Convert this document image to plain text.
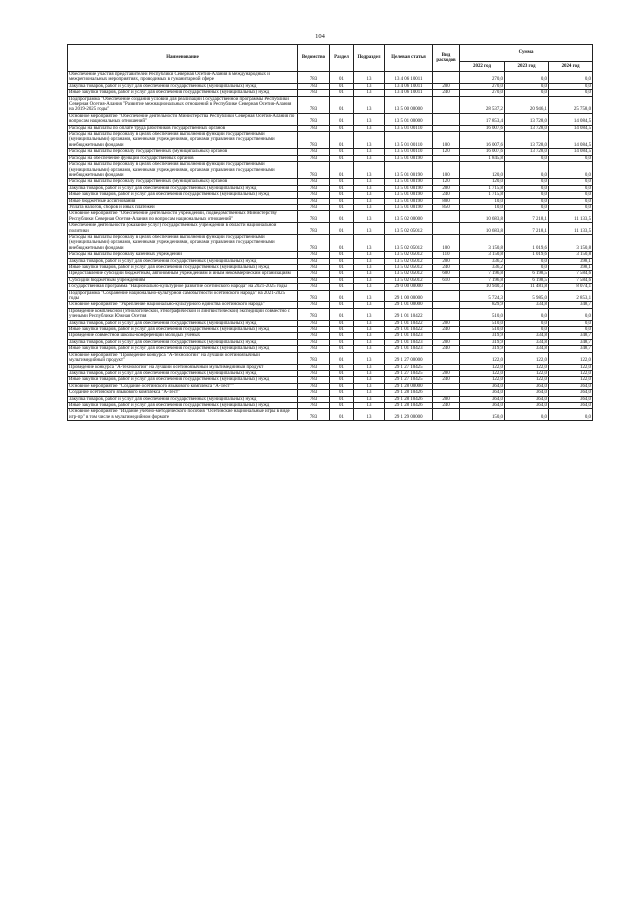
104
Наименование	Ведомство	Раздел	Подраздел	Целевая статья	Вид расходов	Сумма		
						2022 год	2023 год	2024 год
Обеспечение участия представителей Республики Северная Осетия-Алания в международных и межрегиональных мероприятиях, проводимых в гуманитарной сфере	783	01	13	13 4 06 10011		270,0	0,0	0,0
Закупка товаров, работ и услуг для обеспечения государственных (муниципальных) нужд	783	01	13	13 4 06 10011	200	270,0	0,0	0,0
Иные закупки товаров, работ и услуг для обеспечения государственных (муниципальных) нужд	783	01	13	13 4 06 10011	240	270,0	0,0	0,0
Подпрограмма "Обеспечение создания условий для реализации Государственной программы Республики Северная Осетия-Алания "Развитие межнациональных отношений в Республике Северная Осетия-Алания на 2019-2025 годы"	783	01	13	13 5 00 00000		28 537,2	20 946,1	25 758,0
Основное мероприятие "Обеспечение деятельности Министерства Республики Северная Осетия-Алания по вопросам национальных отношений"	783	01	13	13 5 01 00000		17 853,4	13 728,0	14 084,5
Расходы на выплаты по оплате труда работников государственных органов	783	01	13	13 5 01 00110		16 007,6	13 728,0	14 084,5
Расходы на выплаты персоналу в целях обеспечения выполнения функций государственными (муниципальными) органами, казенными учреждениями, органами управления государственными внебюджетными фондами	783	01	13	13 5 01 00110	100	16 007,6	13 728,0	14 084,5
Расходы на выплаты персоналу государственных (муниципальных) органов	783	01	13	13 5 01 00110	120	16 007,6	13 728,0	14 084,5
Расходы на обеспечение функций государственных органов	783	01	13	13 5 01 00190		1 845,8	0,0	0,0
Расходы на выплаты персоналу в целях обеспечения выполнения функций государственными (муниципальными) органами, казенными учреждениями, органами управления государственными внебюджетными фондами	783	01	13	13 5 01 00190	100	120,0	0,0	0,0
Расходы на выплаты персоналу государственных (муниципальных) органов	783	01	13	13 5 01 00190	120	120,0	0,0	0,0
Закупка товаров, работ и услуг для обеспечения государственных (муниципальных) нужд	783	01	13	13 5 01 00190	200	1 715,8	0,0	0,0
Иные закупки товаров, работ и услуг для обеспечения государственных (муниципальных) нужд	783	01	13	13 5 01 00190	240	1 715,8	0,0	0,0
Иные бюджетные ассигнования	783	01	13	13 5 01 00190	800	10,0	0,0	0,0
Уплата налогов, сборов и иных платежей	783	01	13	13 5 01 00190	850	10,0	0,0	0,0
Основное мероприятие "Обеспечение деятельности учреждений, подведомственных Министерству Республики Северная Осетия-Алания по вопросам национальных отношений"	783	01	13	13 5 02 00000		10 683,8	7 218,1	11 133,5
Обеспечение деятельности (оказание услуг) государственных учреждений в области национальной политики	783	01	13	13 5 02 05012		10 683,8	7 218,1	11 133,5
Расходы на выплаты персоналу в целях обеспечения выполнения функций государственными (муниципальными) органами, казенными учреждениями, органами управления государственными внебюджетными фондами	783	01	13	13 5 02 05012	100	3 150,8	1 019,6	3 150,8
Расходы на выплаты персоналу казенных учреждений	783	01	13	13 5 02 05012	110	3 150,8	1 019,6	3 150,8
Закупка товаров, работ и услуг для обеспечения государственных (муниципальных) нужд	783	01	13	13 5 02 05012	200	336,2	0,0	398,1
Иные закупки товаров, работ и услуг для обеспечения государственных (муниципальных) нужд	783	01	13	13 5 02 05012	240	336,2	0,0	398,1
Предоставление субсидий бюджетным, автономным учреждениям и иным некоммерческим организациям	783	01	13	13 5 02 05012	600	7 196,8	6 198,5	7 584,6
Субсидии бюджетным учреждениям	783	01	13	13 5 02 05012	610	7 196,8	6 198,5	7 584,6
Государственная программа "Национально-культурное развитие осетинского народа" на 2021-2025 годы	783	01	13	29 0 00 00000		10 940,3	11 481,8	8 074,1
Подпрограмма "Сохранение национально-культурной самобытности осетинского народа" на 2021-2025 годы	783	01	13	29 1 00 00000		5 724,3	5 985,0	2 853,1
Основное мероприятие "Укрепление национально-культурного единства осетинского народа"	783	01	13	29 1 01 00000		829,9	334,8	348,7
Проведение комплексной (этнологической, этнографической и лингвистической) экспедиции совместно с учеными Республики Южная Осетия	783	01	13	29 1 01 10422		510,0	0,0	0,0
Закупка товаров, работ и услуг для обеспечения государственных (муниципальных) нужд	783	01	13	29 1 01 10422	200	510,0	0,0	0,0
Иные закупки товаров, работ и услуг для обеспечения государственных (муниципальных) нужд	783	01	13	29 1 01 10422	240	510,0	0,0	0,0
Проведение совместной школы-конференции молодых ученых	783	01	13	29 1 01 10423		319,9	334,8	348,7
Закупка товаров, работ и услуг для обеспечения государственных (муниципальных) нужд	783	01	13	29 1 01 10423	200	319,9	334,8	348,7
Иные закупки товаров, работ и услуг для обеспечения государственных (муниципальных) нужд	783	01	13	29 1 01 10423	240	319,9	334,8	348,7
Основное мероприятие "Проведение конкурса "А-технологии" на лучший осетиноязычный мультимедийный продукт"	783	01	13	29 1 27 00000		122,0	122,0	122,0
Проведение конкурса "А-технологии" на лучший осетиноязычный мультимедийный продукт	783	01	13	29 1 27 10425		122,0	122,0	122,0
Закупка товаров, работ и услуг для обеспечения государственных (муниципальных) нужд	783	01	13	29 1 27 10425	200	122,0	122,0	122,0
Иные закупки товаров, работ и услуг для обеспечения государственных (муниципальных) нужд	783	01	13	29 1 27 10425	240	122,0	122,0	122,0
Основное мероприятие "Создание осетинского языкового комплекса "А-Тест""	783	01	13	29 1 28 00000		364,0	364,0	364,0
Создание осетинского языкового комплекса "А-Тест"	783	01	13	29 1 28 10426		364,0	364,0	364,0
Закупка товаров, работ и услуг для обеспечения государственных (муниципальных) нужд	783	01	13	29 1 28 10426	200	364,0	364,0	364,0
Иные закупки товаров, работ и услуг для обеспечения государственных (муниципальных) нужд	783	01	13	29 1 28 10426	240	364,0	364,0	364,0
Основное мероприятие "Издание учебно-методического пособия "Осетинские национальные игры в виде игр-пр" в том числе в мультимедийном формате	783	01	13	29 1 29 00000		150,0	0,0	0,0
